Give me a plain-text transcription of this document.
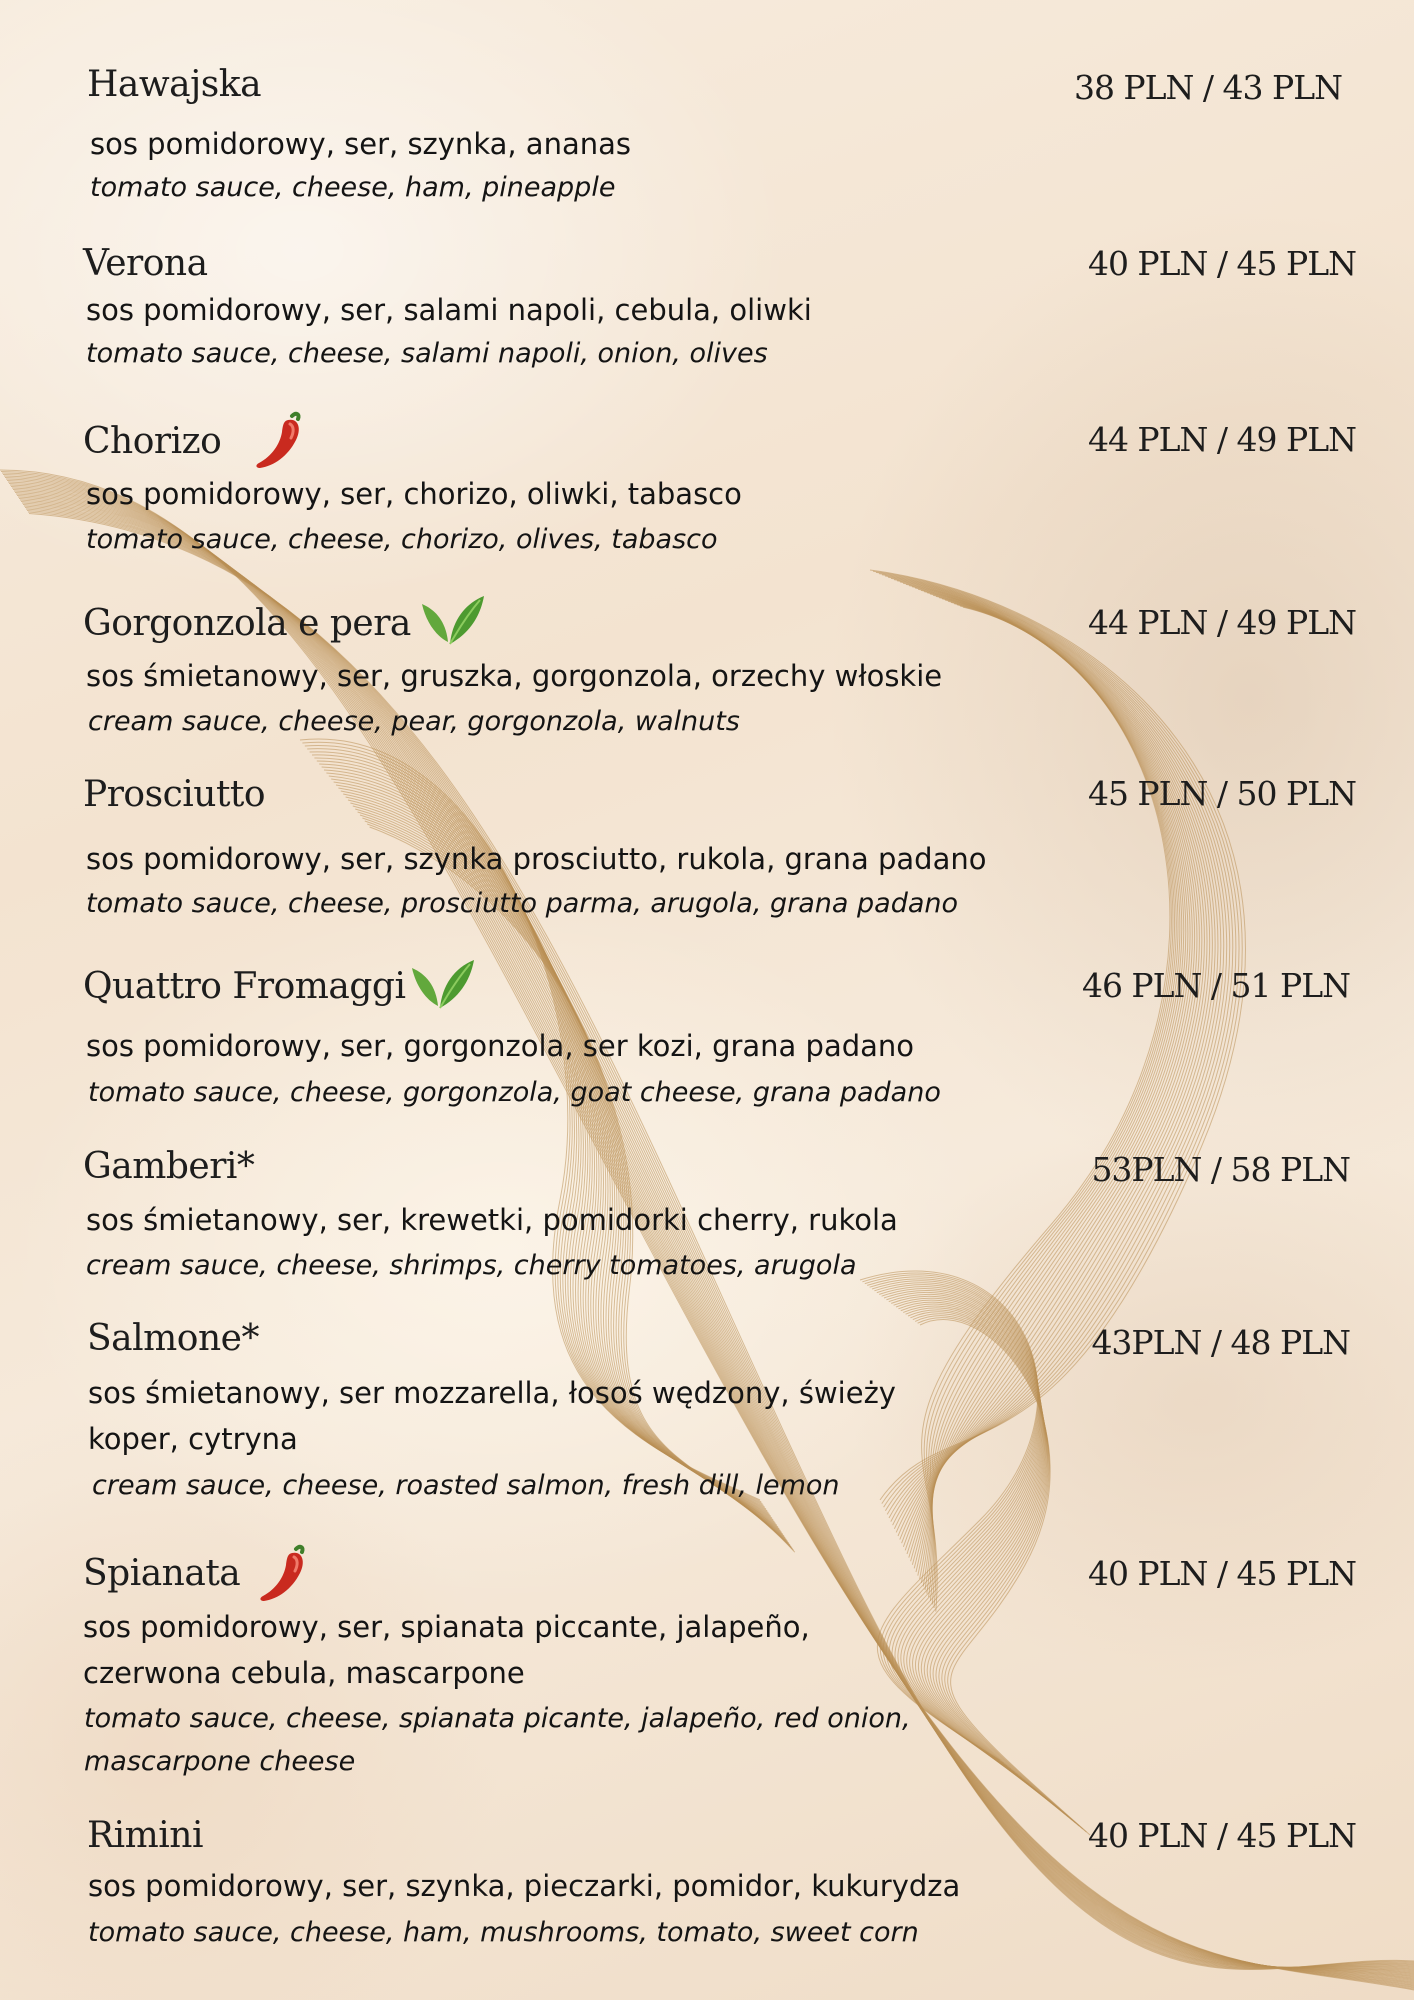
Hawajska	38 PLN / 43 PLN
sos pomidorowy, ser, szynka, ananas
tomato sauce, cheese, ham, pineapple
Verona	40 PLN / 45 PLN
sos pomidorowy, ser, salami napoli, cebula, oliwki
tomato sauce, cheese, salami napoli, onion, olives
Chorizo	44 PLN / 49 PLN
sos pomidorowy, ser, chorizo, oliwki, tabasco
tomato sauce, cheese, chorizo, olives, tabasco
Gorgonzola e pera	44 PLN / 49 PLN
sos śmietanowy, ser, gruszka, gorgonzola, orzechy włoskie
cream sauce, cheese, pear, gorgonzola, walnuts
Prosciutto	45 PLN / 50 PLN
sos pomidorowy, ser, szynka prosciutto, rukola, grana padano
tomato sauce, cheese, prosciutto parma, arugola, grana padano
Quattro Fromaggi	46 PLN / 51 PLN
sos pomidorowy, ser, gorgonzola, ser kozi, grana padano
tomato sauce, cheese, gorgonzola, goat cheese, grana padano
Gamberi*	53PLN / 58 PLN
sos śmietanowy, ser, krewetki, pomidorki cherry, rukola
cream sauce, cheese, shrimps, cherry tomatoes, arugola
Salmone*	43PLN / 48 PLN
sos śmietanowy, ser mozzarella, łosoś wędzony, świeży
koper, cytryna
cream sauce, cheese, roasted salmon, fresh dill, lemon
Spianata	40 PLN / 45 PLN
sos pomidorowy, ser, spianata piccante, jalapeño,
czerwona cebula, mascarpone
tomato sauce, cheese, spianata picante, jalapeño, red onion,
mascarpone cheese
Rimini	40 PLN / 45 PLN
sos pomidorowy, ser, szynka, pieczarki, pomidor, kukurydza
tomato sauce, cheese, ham, mushrooms, tomato, sweet corn
